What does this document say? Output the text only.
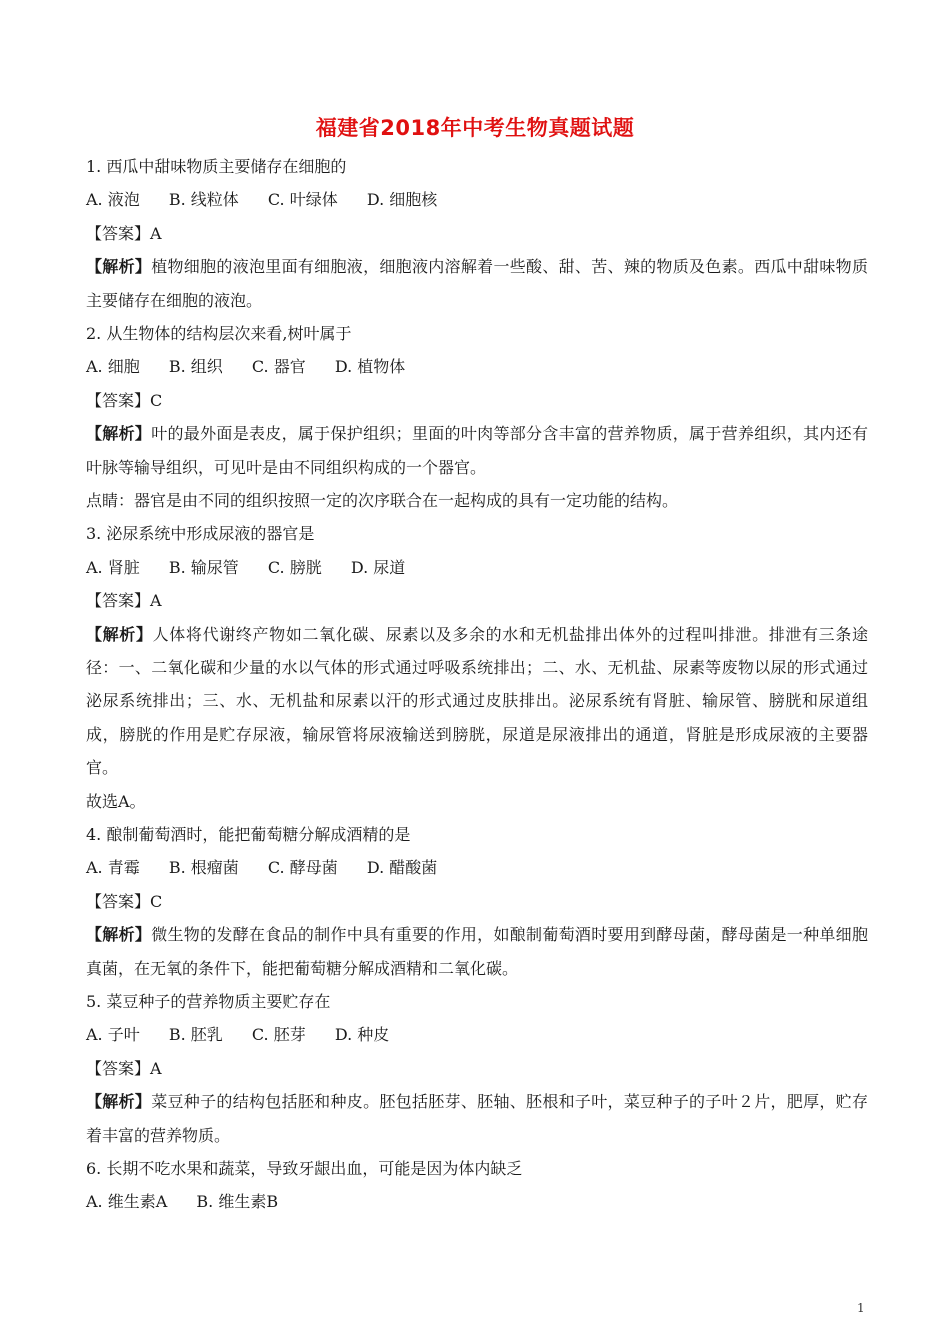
福建省2018年中考生物真题试题
1. 西瓜中甜味物质主要储存在细胞的
A. 液泡 B. 线粒体 C. 叶绿体 D. 细胞核
【答案】A
【解析】植物细胞的液泡里面有细胞液，细胞液内溶解着一些酸、甜、苦、辣的物质及色素。西瓜中甜味物质主要储存在细胞的液泡。
2. 从生物体的结构层次来看,树叶属于
A. 细胞 B. 组织 C. 器官 D. 植物体
【答案】C
【解析】叶的最外面是表皮，属于保护组织；里面的叶肉等部分含丰富的营养物质，属于营养组织，其内还有叶脉等输导组织，可见叶是由不同组织构成的一个器官。
点睛：器官是由不同的组织按照一定的次序联合在一起构成的具有一定功能的结构。
3. 泌尿系统中形成尿液的器官是
A. 肾脏 B. 输尿管 C. 膀胱 D. 尿道
【答案】A
【解析】人体将代谢终产物如二氧化碳、尿素以及多余的水和无机盐排出体外的过程叫排泄。排泄有三条途径：一、二氧化碳和少量的水以气体的形式通过呼吸系统排出；二、水、无机盐、尿素等废物以尿的形式通过泌尿系统排出；三、水、无机盐和尿素以汗的形式通过皮肤排出。泌尿系统有肾脏、输尿管、膀胱和尿道组成，膀胱的作用是贮存尿液，输尿管将尿液输送到膀胱，尿道是尿液排出的通道，肾脏是形成尿液的主要器官。
故选A。
4. 酿制葡萄酒时，能把葡萄糖分解成酒精的是
A. 青霉 B. 根瘤菌 C. 酵母菌 D. 醋酸菌
【答案】C
【解析】微生物的发酵在食品的制作中具有重要的作用，如酿制葡萄酒时要用到酵母菌，酵母菌是一种单细胞真菌，在无氧的条件下，能把葡萄糖分解成酒精和二氧化碳。
5. 菜豆种子的营养物质主要贮存在
A. 子叶 B. 胚乳 C. 胚芽 D. 种皮
【答案】A
【解析】菜豆种子的结构包括胚和种皮。胚包括胚芽、胚轴、胚根和子叶，菜豆种子的子叶２片，肥厚，贮存着丰富的营养物质。
6. 长期不吃水果和蔬菜，导致牙龈出血，可能是因为体内缺乏
A. 维生素A B. 维生素B
1
